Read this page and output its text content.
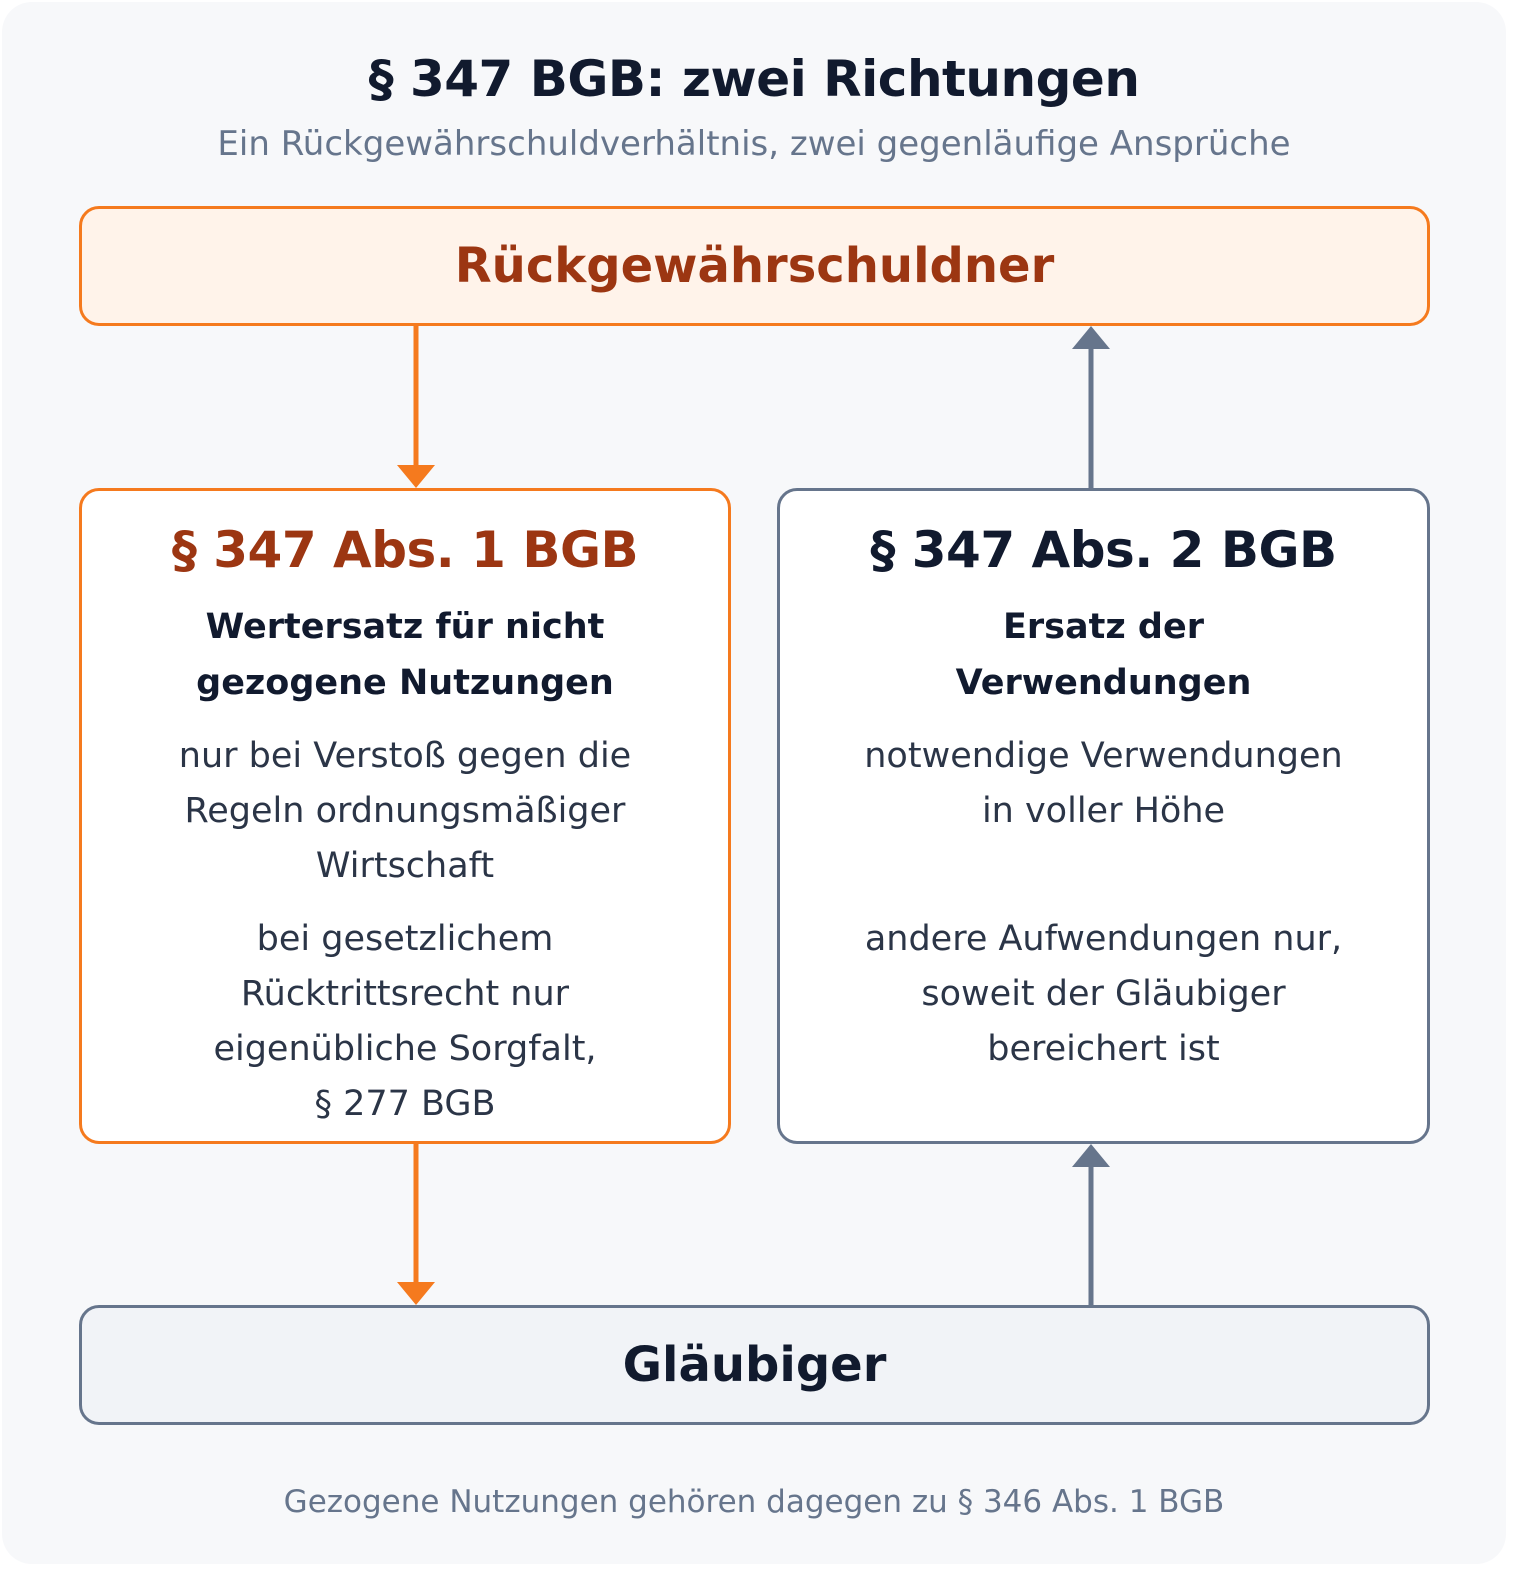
§ 347 BGB: zwei Richtungen
Ein Rückgewährschuldverhältnis, zwei gegenläufige Ansprüche
Rückgewährschuldner
§ 347 Abs. 1 BGB
Wertersatz für nicht
gezogene Nutzungen
nur bei Verstoß gegen die
Regeln ordnungsmäßiger
Wirtschaft
bei gesetzlichem
Rücktrittsrecht nur
eigenübliche Sorgfalt,
§ 277 BGB
§ 347 Abs. 2 BGB
Ersatz der
Verwendungen
notwendige Verwendungen
in voller Höhe
andere Aufwendungen nur,
soweit der Gläubiger
bereichert ist
Gläubiger
Gezogene Nutzungen gehören dagegen zu § 346 Abs. 1 BGB
